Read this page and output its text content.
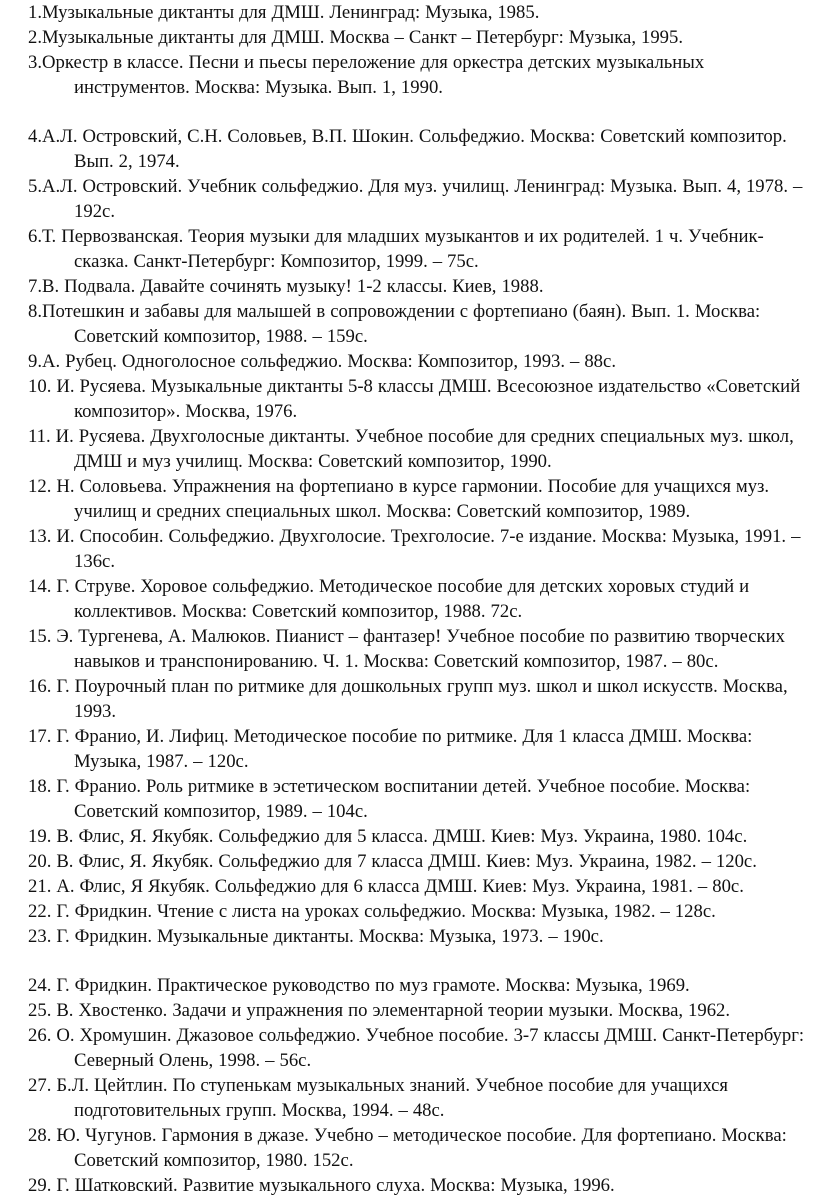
1.Музыкальные диктанты для ДМШ. Ленинград: Музыка, 1985.
2.Музыкальные диктанты для ДМШ. Москва – Санкт – Петербург: Музыка, 1995.
3.Оркестр в классе. Песни и пьесы переложение для оркестра детских музыкальных инструментов. Москва: Музыка. Вып. 1, 1990.
4.А.Л. Островский, С.Н. Соловьев, В.П. Шокин. Сольфеджио. Москва: Советский композитор. Вып. 2, 1974.
5.А.Л. Островский. Учебник сольфеджио. Для муз. училищ. Ленинград: Музыка. Вып. 4, 1978. – 192с.
6.Т. Первозванская. Теория музыки для младших музыкантов и их родителей. 1 ч. Учебник-сказка. Санкт-Петербург: Композитор, 1999. – 75с.
7.В. Подвала. Давайте сочинять музыку! 1-2 классы. Киев, 1988.
8.Потешкин и забавы для малышей в сопровождении с фортепиано (баян). Вып. 1. Москва: Советский композитор, 1988. – 159с.
9.А. Рубец. Одноголосное сольфеджио. Москва: Композитор, 1993. – 88с.
10. И. Русяева. Музыкальные диктанты 5-8 классы ДМШ. Всесоюзное издательство «Советский композитор». Москва, 1976.
11. И. Русяева. Двухголосные диктанты. Учебное пособие для средних специальных муз. школ, ДМШ и муз училищ. Москва: Советский композитор, 1990.
12. Н. Соловьева. Упражнения на фортепиано в курсе гармонии. Пособие для учащихся муз. училищ и средних специальных школ. Москва: Советский композитор, 1989.
13. И. Способин. Сольфеджио. Двухголосие. Трехголосие. 7-е издание. Москва: Музыка, 1991. – 136с.
14. Г. Струве. Хоровое сольфеджио. Методическое пособие для детских хоровых студий и коллективов. Москва: Советский композитор, 1988. 72с.
15. Э. Тургенева, А. Малюков. Пианист – фантазер! Учебное пособие по развитию творческих навыков и транспонированию. Ч. 1. Москва: Советский композитор, 1987. – 80с.
16. Г. Поурочный план по ритмике для дошкольных групп муз. школ и школ искусств. Москва, 1993.
17. Г. Франио, И. Лифиц. Методическое пособие по ритмике. Для 1 класса ДМШ. Москва: Музыка, 1987. – 120с.
18. Г. Франио. Роль ритмике в эстетическом воспитании детей. Учебное пособие. Москва: Советский композитор, 1989. – 104с.
19. В. Флис, Я. Якубяк. Сольфеджио для 5 класса. ДМШ. Киев: Муз. Украина, 1980. 104с.
20. В. Флис, Я. Якубяк. Сольфеджио для 7 класса ДМШ. Киев: Муз. Украина, 1982. – 120с.
21. А. Флис, Я Якубяк. Сольфеджио для 6 класса ДМШ. Киев: Муз. Украина, 1981. – 80с.
22. Г. Фридкин. Чтение с листа на уроках сольфеджио. Москва: Музыка, 1982. – 128с.
23. Г. Фридкин. Музыкальные диктанты. Москва: Музыка, 1973. – 190с.
24. Г. Фридкин. Практическое руководство по муз грамоте. Москва: Музыка, 1969.
25. В. Хвостенко. Задачи и упражнения по элементарной теории музыки. Москва, 1962.
26. О. Хромушин. Джазовое сольфеджио. Учебное пособие. 3-7 классы ДМШ. Санкт-Петербург: Северный Олень, 1998. – 56с.
27. Б.Л. Цейтлин. По ступенькам музыкальных знаний. Учебное пособие для учащихся подготовительных групп. Москва, 1994. – 48с.
28. Ю. Чугунов. Гармония в джазе. Учебно – методическое пособие. Для фортепиано. Москва: Советский композитор, 1980. 152с.
29. Г. Шатковский. Развитие музыкального слуха. Москва: Музыка, 1996.
